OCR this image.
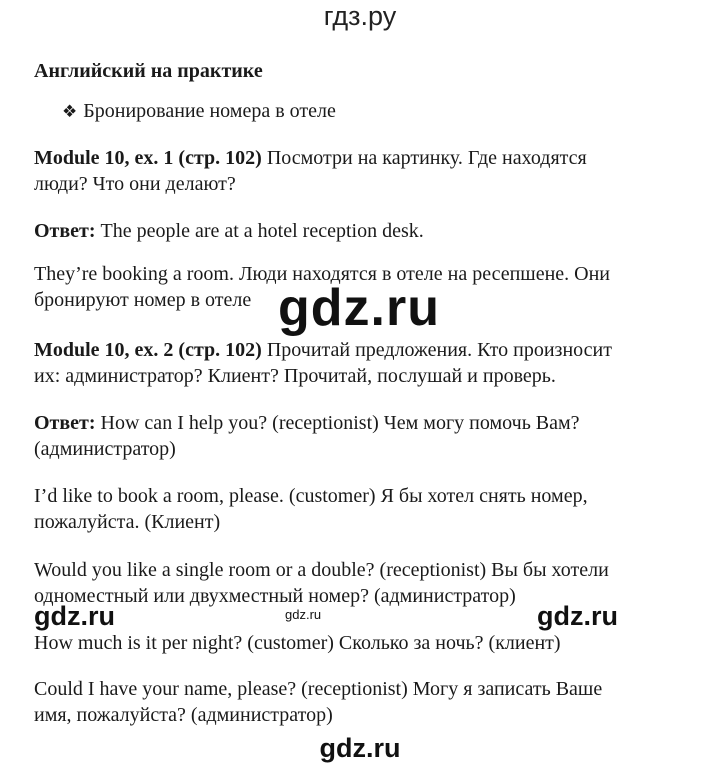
гдз.ру
Английский на практике
❖ Бронирование номера в отеле
Module 10, ex. 1 (стр. 102) Посмотри на картинку. Где находятся
люди? Что они делают?
Ответ: The people are at a hotel reception desk.
They’re booking a room. Люди находятся в отеле на ресепшене. Они
бронируют номер в отеле
Module 10, ex. 2 (стр. 102) Прочитай предложения. Кто произносит
их: администратор? Клиент? Прочитай, послушай и проверь.
Ответ: How can I help you? (receptionist) Чем могу помочь Вам?
(администратор)
I’d like to book a room, please. (customer) Я бы хотел снять номер,
пожалуйста. (Клиент)
Would you like a single room or a double? (receptionist) Вы бы хотели
одноместный или двухместный номер? (администратор)
How much is it per night? (customer) Сколько за ночь? (клиент)
Could I have your name, please? (receptionist) Могу я записать Ваше
имя, пожалуйста? (администратор)
gdz.ru
gdz.ru	gdz.ru	gdz.ru
gdz.ru
